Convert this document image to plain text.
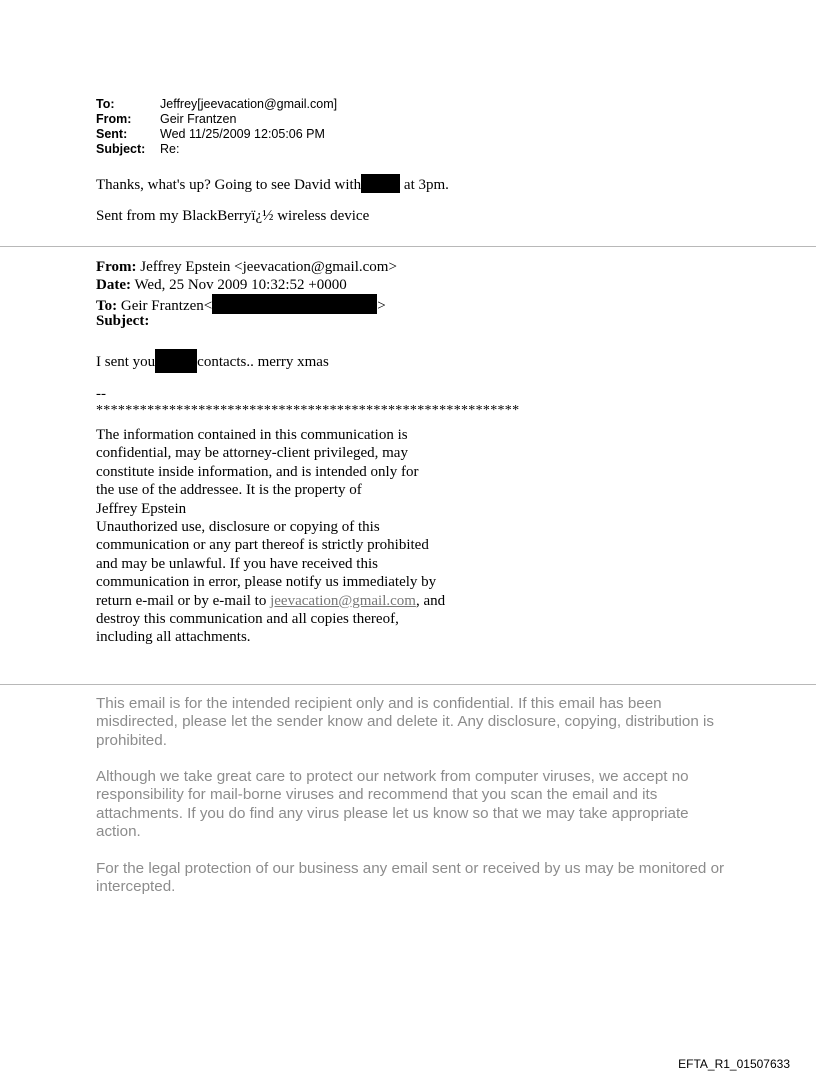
To:	Jeffrey[jeevacation@gmail.com]
From:	Geir Frantzen
Sent:	Wed 11/25/2009 12:05:06 PM
Subject:	Re:
Thanks, what's up? Going to see David with	at 3pm.
Sent from my BlackBerryï¿½ wireless device
From: Jeffrey Epstein <jeevacation@gmail.com>
Date: Wed, 25 Nov 2009 10:32:52 +0000
To: Geir Frantzen<	>
Subject:
I sent you	contacts.. merry xmas
--
**********************************************************

The information contained in this communication is

confidential, may be attorney-client privileged, may

constitute inside information, and is intended only for

the use of the addressee. It is the property of

Jeffrey Epstein

Unauthorized use, disclosure or copying of this

communication or any part thereof is strictly prohibited

and may be unlawful. If you have received this

communication in error, please notify us immediately by

return e-mail or by e-mail to jeevacation@gmail.com, and

destroy this communication and all copies thereof,

including all attachments.

This email is for the intended recipient only and is confidential. If this email has been misdirected, please let the sender know and delete it. Any disclosure, copying, distribution is prohibited.
Although we take great care to protect our network from computer viruses, we accept no responsibility for mail-borne viruses and recommend that you scan the email and its attachments. If you do find any virus please let us know so that we may take appropriate action.
For the legal protection of our business any email sent or received by us may be monitored or intercepted.
EFTA_R1_01507633
